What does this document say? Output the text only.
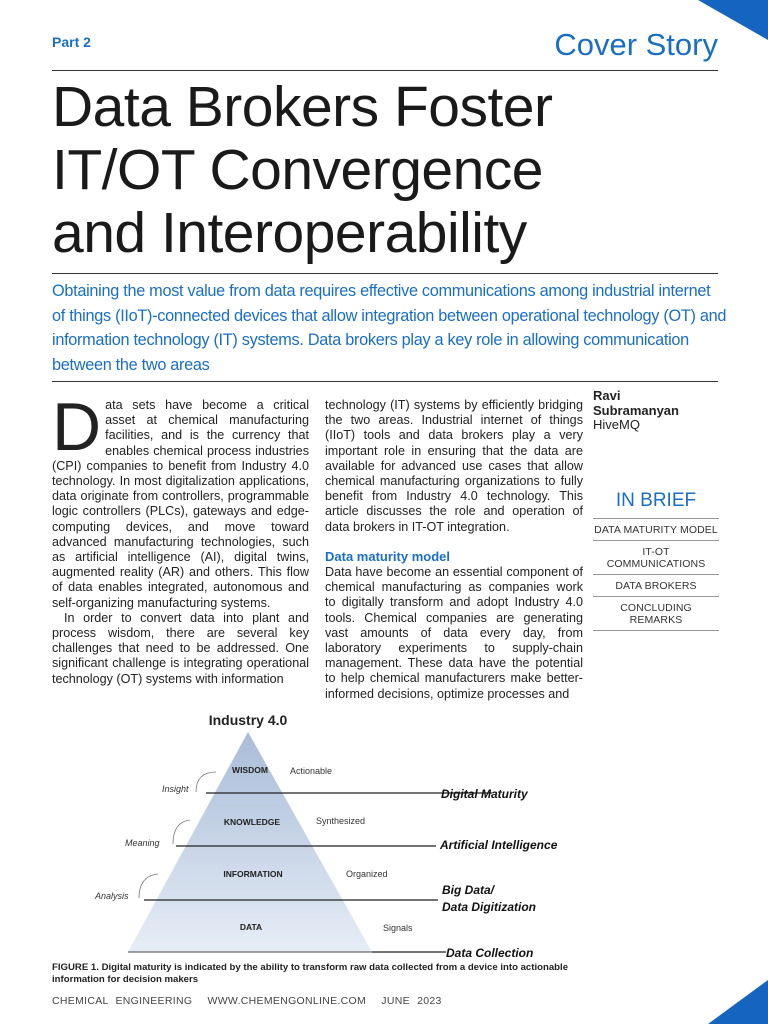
Part 2	Cover Story
Data Brokers Foster
IT/OT Convergence
and Interoperability
Obtaining the most value from data requires effective communications among industrial internet of things (IIoT)-connected devices that allow integration between operational technology (OT) and information technology (IT) systems. Data brokers play a key role in allowing communication between the two areas

Data sets have become a critical asset at chemical manufacturing facilities, and is the currency that enables chemical process industries (CPI) companies to benefit from Industry 4.0 technology. In most digitalization applications, data originate from controllers, programmable logic controllers (PLCs), gateways and edge-computing devices, and move toward advanced manufacturing technologies, such as artificial intelligence (AI), digital twins, augmented reality (AR) and others. This flow of data enables integrated, autonomous and self-organizing manufacturing systems.

In order to convert data into plant and process wisdom, there are several key challenges that need to be addressed. One significant challenge is integrating operational technology (OT) systems with information

technology (IT) systems by efficiently bridging the two areas. Industrial internet of things (IIoT) tools and data brokers play a very important role in ensuring that the data are available for advanced use cases that allow chemical manufacturing organizations to fully benefit from Industry 4.0 technology. This article discusses the role and operation of data brokers in IT-OT integration.

Data maturity model

Data have become an essential component of chemical manufacturing as companies work to digitally transform and adopt Industry 4.0 tools. Chemical companies are generating vast amounts of data every day, from laboratory experiments to supply-chain management. These data have the potential to help chemical manufacturers make better-informed decisions, optimize processes and

Ravi
Subramanyan
HiveMQ
IN BRIEF
DATA MATURITY MODEL
IT-OT COMMUNICATIONS
DATA BROKERS
CONCLUDING REMARKS
Industry 4.0
WISDOM
KNOWLEDGE
INFORMATION
DATA
Actionable
Synthesized
Organized
Signals
Insight
Meaning
Analysis
Digital Maturity
Artificial Intelligence
Big Data/
Data Digitization
Data Collection
FIGURE 1. Digital maturity is indicated by the ability to transform raw data collected from a device into actionable information for decision makers
CHEMICAL ENGINEERING WWW.CHEMENGONLINE.COM JUNE 2023	27
